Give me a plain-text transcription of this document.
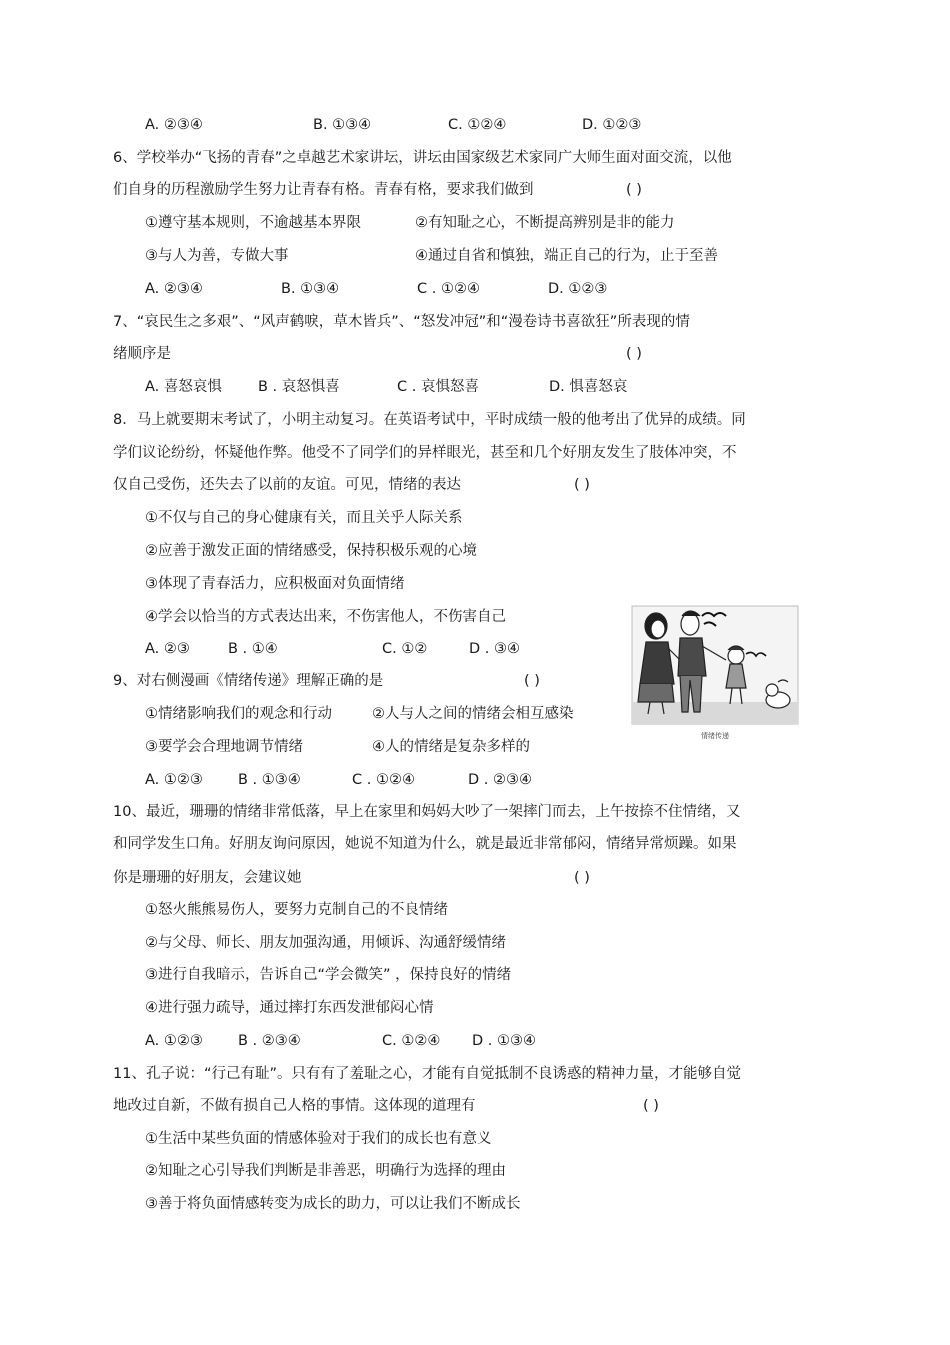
A. ②③④	B. ①③④	C. ①②④	D. ①②③
6、学校举办“飞扬的青春”之卓越艺术家讲坛，讲坛由国家级艺术家同广大师生面对面交流，以他
们自身的历程激励学生努力让青春有格。青春有格，要求我们做到	( )
①遵守基本规则，不逾越基本界限	②有知耻之心，不断提高辨别是非的能力
③与人为善，专做大事	④通过自省和慎独，端正自己的行为，止于至善
A. ②③④	B. ①③④	C . ①②④	D. ①②③
7、“哀民生之多艰”、“风声鹤唳，草木皆兵”、“怒发冲冠”和“漫卷诗书喜欲狂”所表现的情
绪顺序是	( )
A. 喜怒哀惧 B . 哀怒惧喜	C . 哀惧怒喜	D. 惧喜怒哀
8．马上就要期末考试了，小明主动复习。在英语考试中，平时成绩一般的他考出了优异的成绩。同
学们议论纷纷，怀疑他作弊。他受不了同学们的异样眼光，甚至和几个好朋友发生了肢体冲突，不
仅自己受伤，还失去了以前的友谊。可见，情绪的表达	( )
①不仅与自己的身心健康有关，而且关乎人际关系
②应善于激发正面的情绪感受，保持积极乐观的心境
③体现了青春活力，应积极面对负面情绪
④学会以恰当的方式表达出来，不伤害他人，不伤害自己
A. ②③	B . ①④	C. ①②	D . ③④
9、对右侧漫画《情绪传递》理解正确的是	( )
①情绪影响我们的观念和行动	②人与人之间的情绪会相互感染
③要学会合理地调节情绪	④人的情绪是复杂多样的
A. ①②③ B . ①③④	C . ①②④	D . ②③④
情绪传递
10、最近，珊珊的情绪非常低落，早上在家里和妈妈大吵了一架摔门而去，上午按捺不住情绪，又
和同学发生口角。好朋友询问原因，她说不知道为什么，就是最近非常郁闷，情绪异常烦躁。如果
你是珊珊的好朋友，会建议她	( )
①怒火熊熊易伤人，要努力克制自己的不良情绪
②与父母、师长、朋友加强沟通，用倾诉、沟通舒缓情绪
③进行自我暗示，告诉自己“学会微笑” ，保持良好的情绪
④进行强力疏导，通过摔打东西发泄郁闷心情
A. ①②③ B . ②③④	C. ①②④ D . ①③④
11、孔子说：“行己有耻”。只有有了羞耻之心，才能有自觉抵制不良诱惑的精神力量，才能够自觉
地改过自新，不做有损自己人格的事情。这体现的道理有	( )
①生活中某些负面的情感体验对于我们的成长也有意义
②知耻之心引导我们判断是非善恶，明确行为选择的理由
③善于将负面情感转变为成长的助力，可以让我们不断成长
